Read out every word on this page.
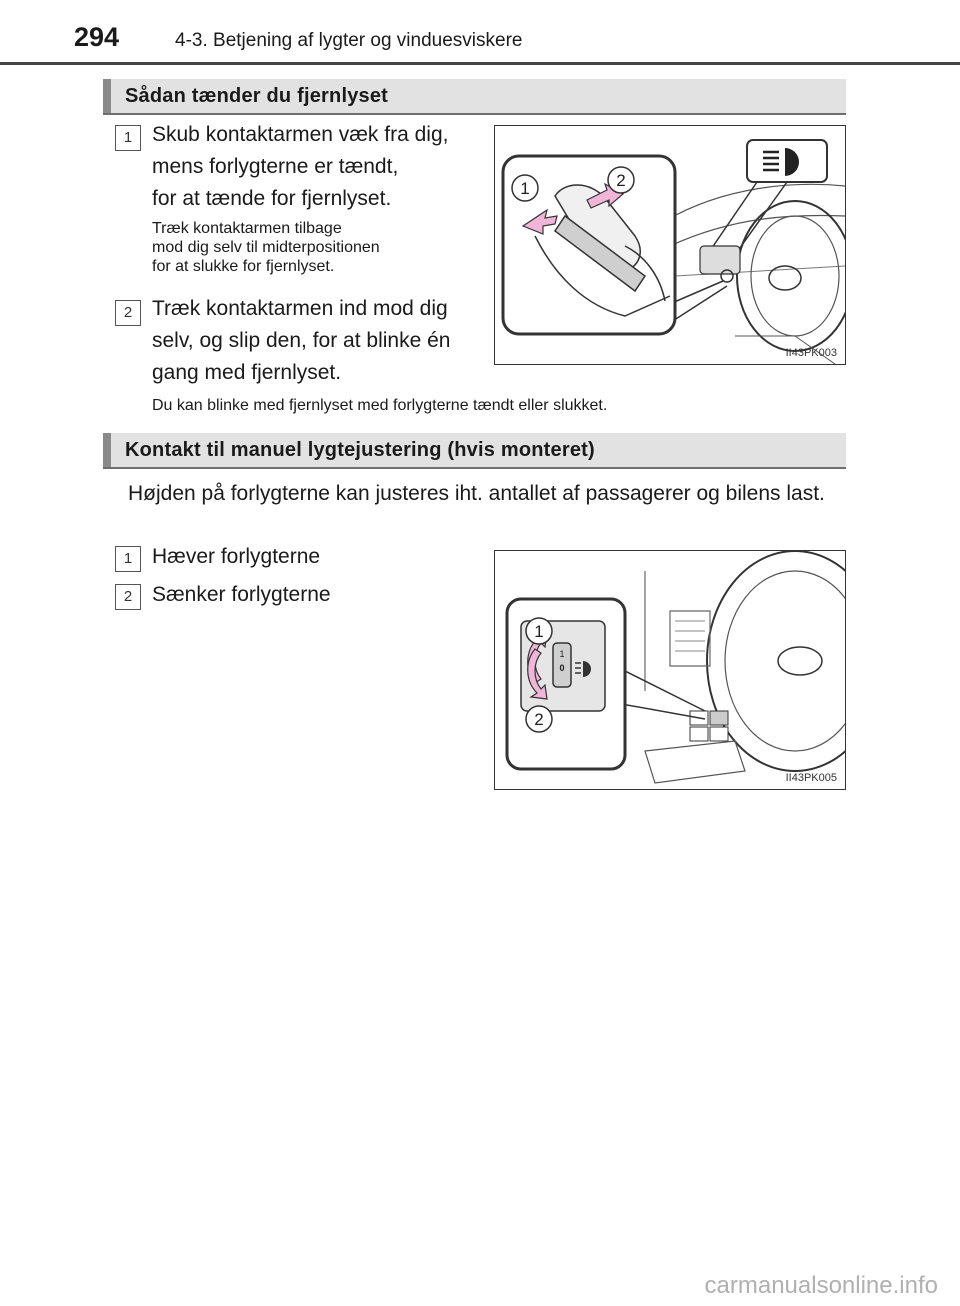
294	4-3. Betjening af lygter og vinduesviskere
Sådan tænder du fjernlyset
1 Skub kontaktarmen væk fra dig,
mens forlygterne er tændt,
for at tænde for fjernlyset.
Træk kontaktarmen tilbage
mod dig selv til midterpositionen
for at slukke for fjernlyset.
2 Træk kontaktarmen ind mod dig
selv, og slip den, for at blinke én
gang med fjernlyset.
Du kan blinke med fjernlyset med forlygterne tændt eller slukket.
1	2
II43PK003
Kontakt til manuel lygtejustering (hvis monteret)
Højden på forlygterne kan justeres iht. antallet af passagerer og bilens last.
1 Hæver forlygterne
2 Sænker forlygterne
1
0
1
2
II43PK005
carmanualsonline.info
